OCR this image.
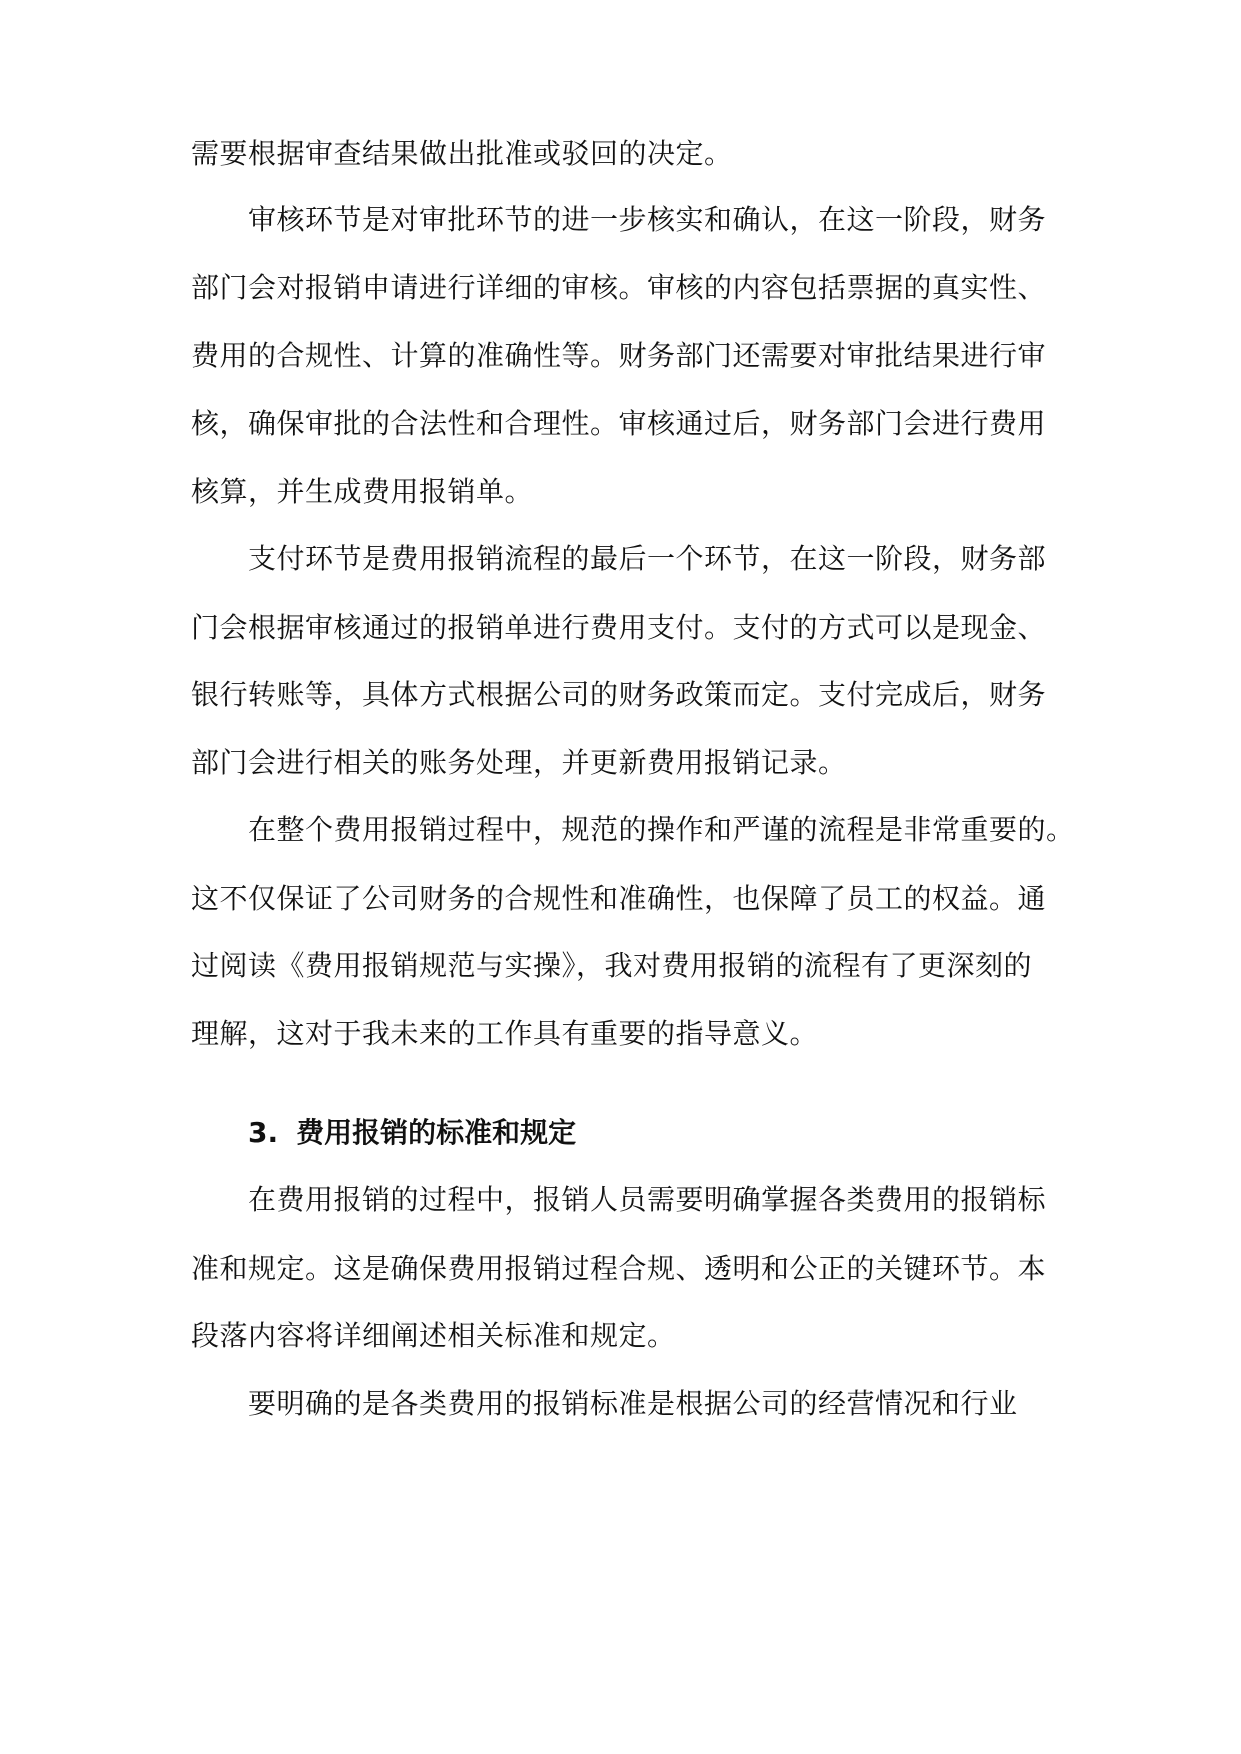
需要根据审查结果做出批准或驳回的决定。
审核环节是对审批环节的进一步核实和确认，在这一阶段，财务
部门会对报销申请进行详细的审核。审核的内容包括票据的真实性、
费用的合规性、计算的准确性等。财务部门还需要对审批结果进行审
核，确保审批的合法性和合理性。审核通过后，财务部门会进行费用
核算，并生成费用报销单。
支付环节是费用报销流程的最后一个环节，在这一阶段，财务部
门会根据审核通过的报销单进行费用支付。支付的方式可以是现金、
银行转账等，具体方式根据公司的财务政策而定。支付完成后，财务
部门会进行相关的账务处理，并更新费用报销记录。
在整个费用报销过程中，规范的操作和严谨的流程是非常重要的。
这不仅保证了公司财务的合规性和准确性，也保障了员工的权益。通
过阅读《费用报销规范与实操》，我对费用报销的流程有了更深刻的
理解，这对于我未来的工作具有重要的指导意义。
3. 费用报销的标准和规定
在费用报销的过程中，报销人员需要明确掌握各类费用的报销标
准和规定。这是确保费用报销过程合规、透明和公正的关键环节。本
段落内容将详细阐述相关标准和规定。
要明确的是各类费用的报销标准是根据公司的经营情况和行业
